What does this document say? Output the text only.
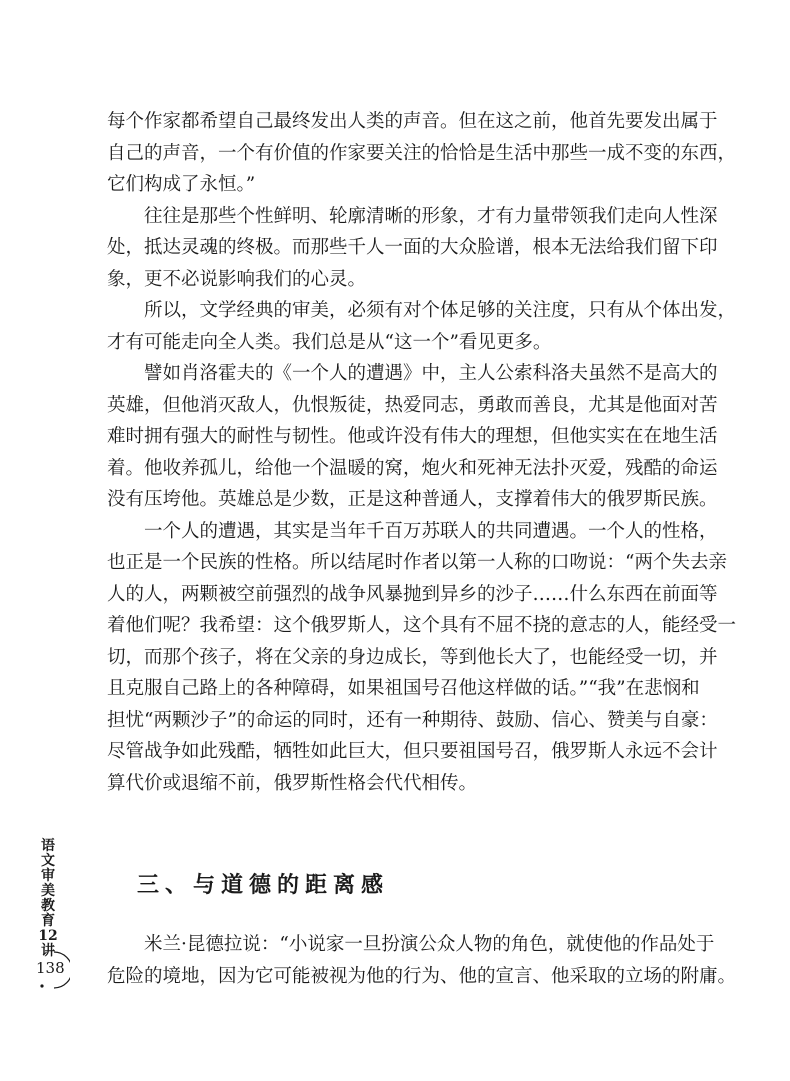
每个作家都希望自己最终发出人类的声音。但在这之前，他首先要发出属于
自己的声音，一个有价值的作家要关注的恰恰是生活中那些一成不变的东西，
它们构成了永恒。”
往往是那些个性鲜明、轮廓清晰的形象，才有力量带领我们走向人性深
处，抵达灵魂的终极。而那些千人一面的大众脸谱，根本无法给我们留下印
象，更不必说影响我们的心灵。
所以，文学经典的审美，必须有对个体足够的关注度，只有从个体出发，
才有可能走向全人类。我们总是从“这一个”看见更多。
譬如肖洛霍夫的《一个人的遭遇》中，主人公索科洛夫虽然不是高大的
英雄，但他消灭敌人，仇恨叛徒，热爱同志，勇敢而善良，尤其是他面对苦
难时拥有强大的耐性与韧性。他或许没有伟大的理想，但他实实在在地生活
着。他收养孤儿，给他一个温暖的窝，炮火和死神无法扑灭爱，残酷的命运
没有压垮他。英雄总是少数，正是这种普通人，支撑着伟大的俄罗斯民族。
一个人的遭遇，其实是当年千百万苏联人的共同遭遇。一个人的性格，
也正是一个民族的性格。所以结尾时作者以第一人称的口吻说：“两个失去亲
人的人，两颗被空前强烈的战争风暴抛到异乡的沙子……什么东西在前面等
着他们呢？我希望：这个俄罗斯人，这个具有不屈不挠的意志的人，能经受一
切，而那个孩子，将在父亲的身边成长，等到他长大了，也能经受一切，并
且克服自己路上的各种障碍，如果祖国号召他这样做的话。”“我”在悲悯和
担忧“两颗沙子”的命运的同时，还有一种期待、鼓励、信心、赞美与自豪：
尽管战争如此残酷，牺牲如此巨大，但只要祖国号召，俄罗斯人永远不会计
算代价或退缩不前，俄罗斯性格会代代相传。
三、与道德的距离感
米兰·昆德拉说：“小说家一旦扮演公众人物的角色，就使他的作品处于
危险的境地，因为它可能被视为他的行为、他的宣言、他采取的立场的附庸。
语文审美教育12讲
138
